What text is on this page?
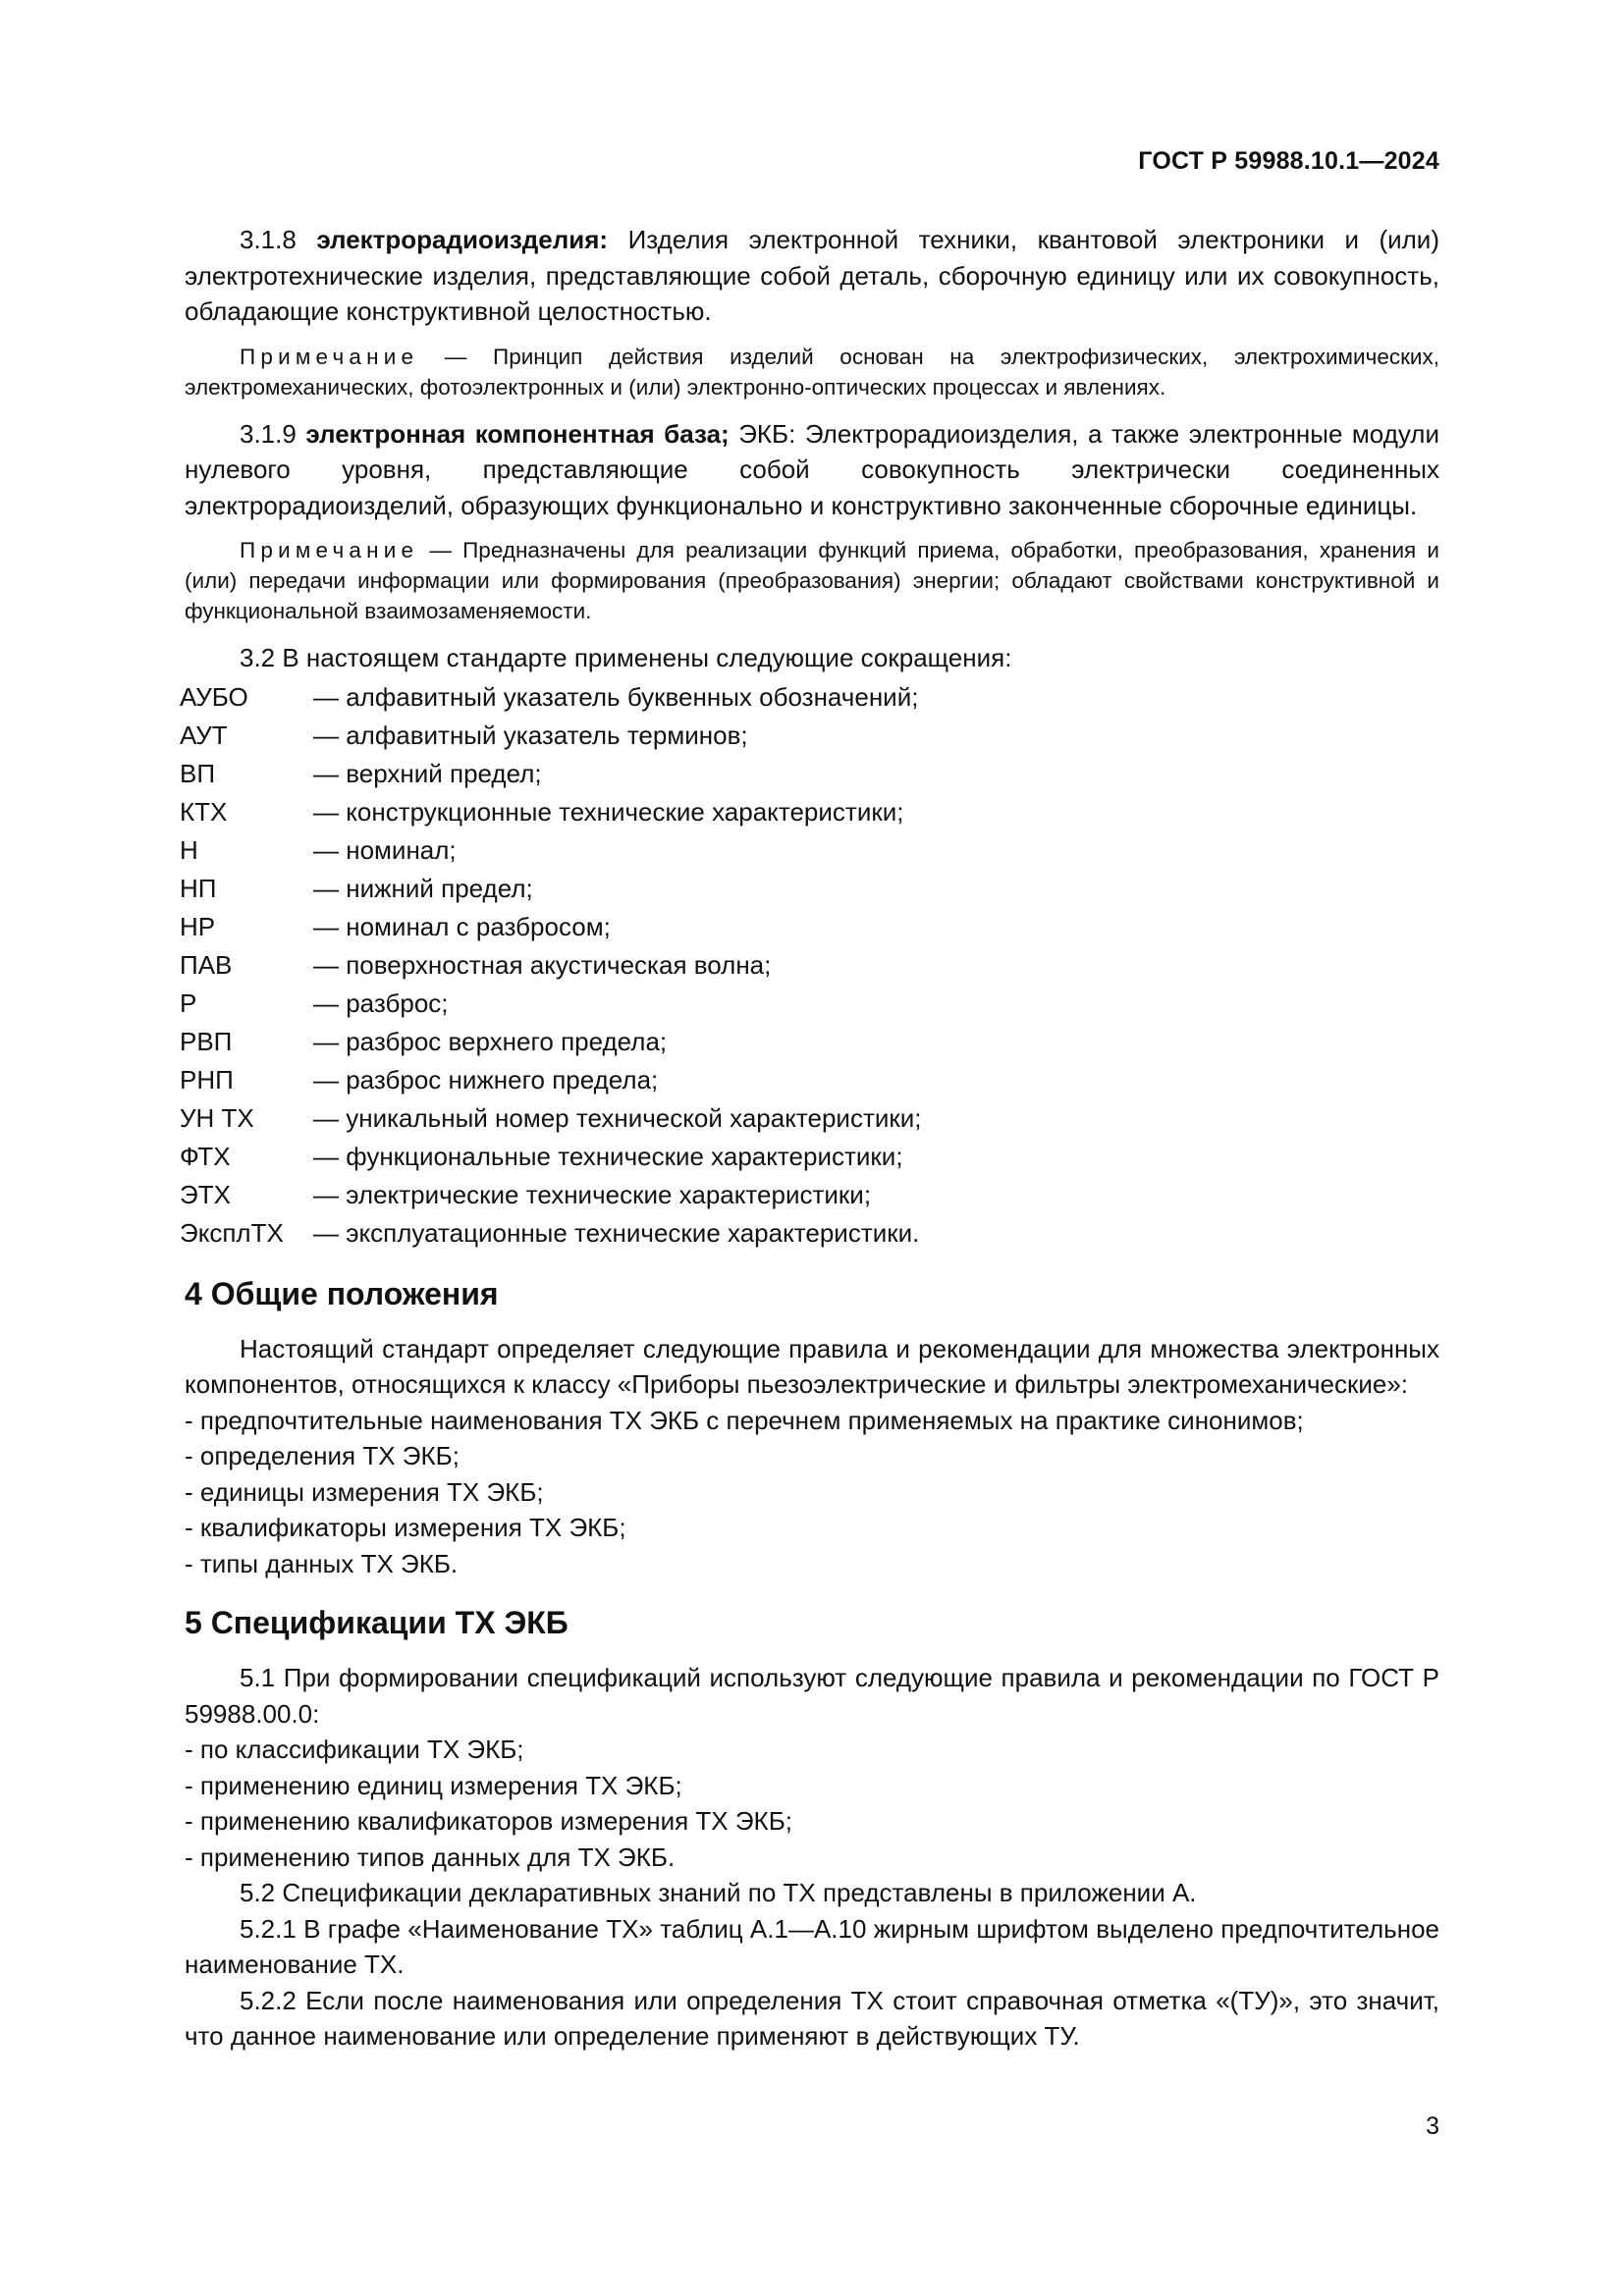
ГОСТ Р 59988.10.1—2024

3.1.8 электрорадиоизделия: Изделия электронной техники, квантовой электроники и (или) электротехнические изделия, представляющие собой деталь, сборочную единицу или их совокупность, обладающие конструктивной целостностью.

Примечание — Принцип действия изделий основан на электрофизических, электрохимических, электромеханических, фотоэлектронных и (или) электронно-оптических процессах и явлениях.

3.1.9 электронная компонентная база; ЭКБ: Электрорадиоизделия, а также электронные модули нулевого уровня, представляющие собой совокупность электрически соединенных электрорадиоизделий, образующих функционально и конструктивно законченные сборочные единицы.

Примечание — Предназначены для реализации функций приема, обработки, преобразования, хранения и (или) передачи информации или формирования (преобразования) энергии; обладают свойствами конструктивной и функциональной взаимозаменяемости.

3.2 В настоящем стандарте применены следующие сокращения:

АУБО	— алфавитный указатель буквенных обозначений;
АУТ	— алфавитный указатель терминов;
ВП	— верхний предел;
КТХ	— конструкционные технические характеристики;
Н	— номинал;
НП	— нижний предел;
НР	— номинал с разбросом;
ПАВ	— поверхностная акустическая волна;
Р	— разброс;
РВП	— разброс верхнего предела;
РНП	— разброс нижнего предела;
УН ТХ	— уникальный номер технической характеристики;
ФТХ	— функциональные технические характеристики;
ЭТХ	— электрические технические характеристики;
ЭксплТХ	— эксплуатационные технические характеристики.
4 Общие положения

Настоящий стандарт определяет следующие правила и рекомендации для множества электронных компонентов, относящихся к классу «Приборы пьезоэлектрические и фильтры электромеханические»:

- предпочтительные наименования ТХ ЭКБ с перечнем применяемых на практике синонимов;
- определения ТХ ЭКБ;
- единицы измерения ТХ ЭКБ;
- квалификаторы измерения ТХ ЭКБ;
- типы данных ТХ ЭКБ.

5 Спецификации ТХ ЭКБ

5.1 При формировании спецификаций используют следующие правила и рекомендации по ГОСТ Р 59988.00.0:

- по классификации ТХ ЭКБ;
- применению единиц измерения ТХ ЭКБ;
- применению квалификаторов измерения ТХ ЭКБ;
- применению типов данных для ТХ ЭКБ.

5.2 Спецификации декларативных знаний по ТХ представлены в приложении А.

5.2.1 В графе «Наименование ТХ» таблиц А.1—А.10 жирным шрифтом выделено предпочтительное наименование ТХ.

5.2.2 Если после наименования или определения ТХ стоит справочная отметка «(ТУ)», это значит, что данное наименование или определение применяют в действующих ТУ.

3
